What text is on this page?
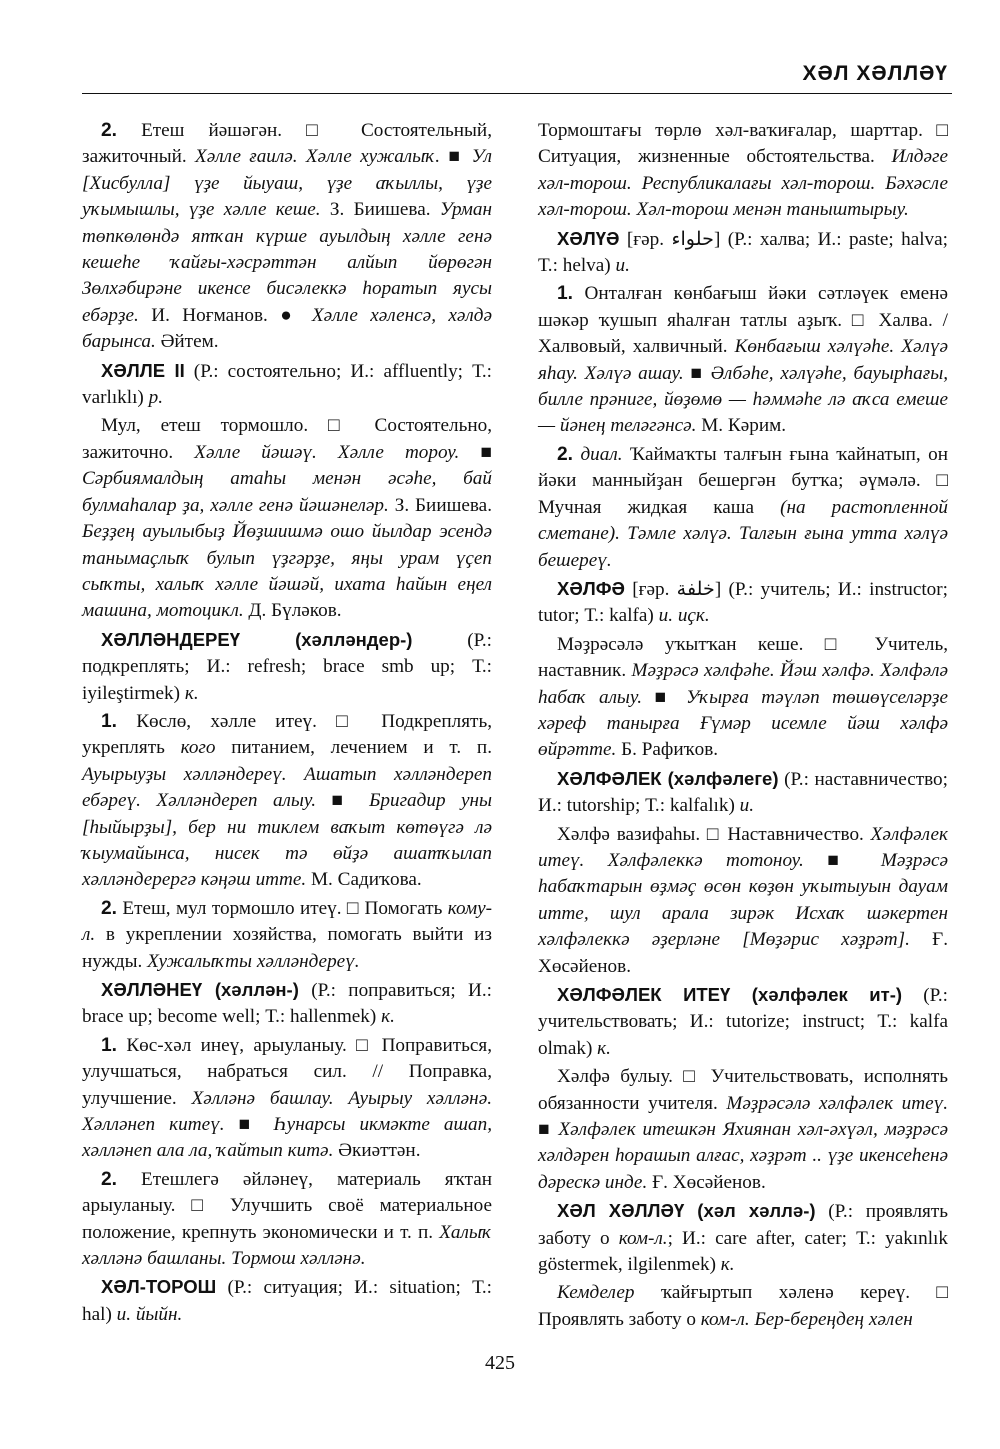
ХӘЛ ХӘЛЛӘҮ

2. Етеш йәшәгән. □ Состоятельный, зажиточный. Хәлле ғаилә. Хәлле хужалыҡ. ■ Ул [Хисбулла] үҙе йыуаш, үҙе аҡыллы, үҙе уҡымышлы, үҙе хәлле кеше. З. Биишева. Урман төпкөлөндә ятҡан күрше ауылдың хәлле генә кешеһе ҡайғы-хәсрәттән алйып йөрөгән Зөлхәбирәне икенсе бисәлеккә һоратып яусы ебәрҙе. И. Ноғманов. ● Хәлле хәленсә, хәлдә барынса. Әйтем.

ХӘЛЛЕ II (Р.: состоятельно; И.: affluently; Т.: varlıklı) р.

Мул, етеш тормошло. □ Состоятельно, зажиточно. Хәлле йәшәү. Хәлле тороу. ■ Сәрбиямалдың атаһы менән әсәһе, бай булмаһалар ҙа, хәлле генә йәшәнеләр. З. Биишева. Беҙҙең ауылыбыҙ Йөҙшишмә ошо йылдар эсендә танымаҫлыҡ булып үҙгәрҙе, яңы урам үҫеп сыҡты, халыҡ хәлле йәшәй, ихата һайын еңел машина, мотоцикл. Д. Бүләков.

ХӘЛЛӘНДЕРЕҮ (хәлләндер-) (Р.: подкреплять; И.: refresh; brace smb up; Т.: iyileştirmek) к.

1. Көслө, хәлле итеү. □ Подкреплять, укреплять кого питанием, лечением и т. п. Ауырыуҙы хәлләндереү. Ашатып хәлләндереп ебәреү. Хәлләндереп алыу. ■ Бригадир уны [һыйырҙы], бер ни тиклем ваҡыт көтөүгә лә ҡыумайынса, нисек тә өйҙә ашатҡылап хәлләндерергә кәңәш итте. М. Садиҡова.

2. Етеш, мул тормошло итеү. □ Помогать кому-л. в укреплении хозяйства, помогать выйти из нужды. Хужалыҡты хәлләндереү.

ХӘЛЛӘНЕҮ (хәллән-) (Р.: поправиться; И.: brace up; become well; Т.: hallenmek) к.

1. Көс-хәл инеү, арыуланыу. □ Поправиться, улучшаться, набраться сил. // Поправка, улучшение. Хәлләнә башлау. Ауырыу хәлләнә. Хәлләнеп китеү. ■ Һунарсы икмәкте ашап, хәлләнеп ала ла, ҡайтып китә. Әкиәттән.

2. Етешлегә әйләнеү, материаль яҡтан арыуланыу. □ Улучшить своё материальное положение, крепнуть экономически и т. п. Халыҡ хәлләнә башланы. Тормош хәлләнә.

ХӘЛ-ТОРОШ (Р.: ситуация; И.: situation; Т.: hal) и. йыйн.

Тормоштағы төрлө хәл-ваҡиғалар, шарттар. □ Ситуация, жизненные обстоятельства. Илдәге хәл-торош. Республикалағы хәл-торош. Бәхәсле хәл-торош. Хәл-торош менән таныштырыу.

ХӘЛҮӘ [ғәр. حلواء] (Р.: халва; И.: paste; halva; Т.: helva) и.

1. Онталған көнбағыш йәки сәтләүек еменә шәкәр ҡушып яһалған татлы аҙыҡ. □ Халва. / Халвовый, халвичный. Көнбағыш хәлүәһе. Хәлүә яһау. Хәлүә ашау. ■ Әлбәһе, хәлүәһе, бауырһағы, билле прәниге, йөҙөмө — һәммәһе лә аҡса емеше — йәнең теләгәнсә. М. Кәрим.

2. диал. Ҡаймаҡты талғын ғына ҡайнатып, он йәки манныйҙан бешергән бутҡа; әүмәлә. □ Мучная жидкая каша (на растопленной сметане). Тәмле хәлүә. Талғын ғына утта хәлүә бешереү.

ХӘЛФӘ [ғәр. خلفة] (Р.: учитель; И.: instructor; tutor; Т.: kalfa) и. иҫк.

Мәҙрәсәлә уҡытҡан кеше. □ Учитель, наставник. Мәҙрәсә хәлфәһе. Йәш хәлфә. Хәлфәлә һабаҡ алыу. ■ Уҡырға тәүләп төшөүселәрҙе хәреф танырға Ғүмәр исемле йәш хәлфә өйрәтте. Б. Рафиҡов.

ХӘЛФӘЛЕК (хәлфәлеге) (Р.: наставничество; И.: tutorship; Т.: kalfalık) и.

Хәлфә вазифаһы. □ Наставничество. Хәлфәлек итеү. Хәлфәлеккә тотоноу. ■ Мәҙрәсә һабаҡтарын өҙмәҫ өсөн көҙөн уҡытыуын дауам итте, шул арала зирәк Исхаҡ шәкертен хәлфәлеккә әҙерләне [Мөҙәрис хәҙрәт]. Ғ. Хөсәйенов.

ХӘЛФӘЛЕК ИТЕҮ (хәлфәлек ит-) (Р.: учительствовать; И.: tutorize; instruct; Т.: kalfa olmak) к.

Хәлфә булыу. □ Учительствовать, исполнять обязанности учителя. Мәҙрәсәлә хәлфәлек итеү. ■ Хәлфәлек итешкән Яхиянан хәл-әхүәл, мәҙрәсә хәлдәрен һорашып алғас, хәҙрәт .. үҙе икенсеһенә дәрескә инде. Ғ. Хөсәйенов.

ХӘЛ ХӘЛЛӘҮ (хәл хәллә-) (Р.: проявлять заботу о ком-л.; И.: care after, cater; Т.: yakınlık göstermek, ilgilenmek) к.

Кемделер ҡайғыртып хәленә кереү. □ Проявлять заботу о ком-л. Бер-береңдең хәлен

425
